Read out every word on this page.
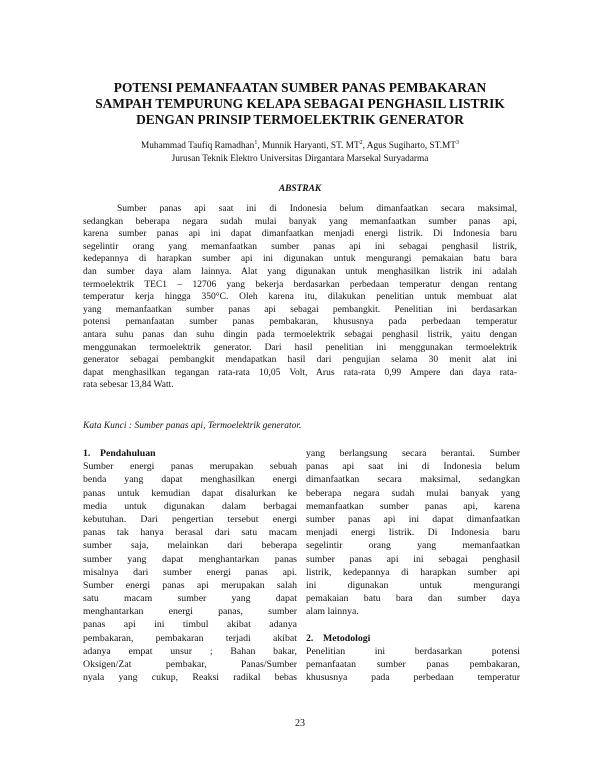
POTENSI PEMANFAATAN SUMBER PANAS PEMBAKARAN
SAMPAH TEMPURUNG KELAPA SEBAGAI PENGHASIL LISTRIK
DENGAN PRINSIP TERMOELEKTRIK GENERATOR
Muhammad Taufiq Ramadhan$^1$, Munnik Haryanti, ST. $MT^2$, Agus Sugiharto, $ST.MT^3$
Jurusan Teknik Elektro Universitas Dirgantara Marsekal Suryadarma
ABSTRAK
Sumber panas api saat ini di Indonesia belum dimanfaatkan secara maksimal,
sedangkan beberapa negara sudah mulai banyak yang memanfaatkan sumber panas api,
karena sumber panas api ini dapat dimanfaatkan menjadi energi listrik. Di Indonesia baru
segelintir orang yang memanfaatkan sumber panas api ini sebagai penghasil listrik,
kedepannya di harapkan sumber api ini digunakan untuk mengurangi pemakaian batu bara
dan sumber daya alam lainnya. Alat yang digunakan untuk menghasilkan listrik ini adalah
termoelektrik TEC1 – 12706 yang bekerja berdasarkan perbedaan temperatur dengan rentang
temperatur kerja hingga 350°C. Oleh karena itu, dilakukan penelitian untuk membuat alat
yang memanfaatkan sumber panas api sebagai pembangkit. Penelitian ini berdasarkan
potensi pemanfaatan sumber panas pembakaran, khususnya pada perbedaan temperatur
antara suhu panas dan suhu dingin pada termoelektrik sebagai penghasil listrik, yaitu dengan
menggunakan termoelektrik generator. Dari hasil penelitian ini menggunakan termoelektrik
generator sebagai pembangkit mendapatkan hasil dari pengujian selama 30 menit alat ini
dapat menghasilkan tegangan rata-rata 10,05 Volt, Arus rata-rata 0,99 Ampere dan daya rata-
rata sebesar 13,84 Watt.
Kata Kunci : Sumber panas api, Termoelektrik generator.
1. Pendahuluan
Sumber energi panas merupakan sebuah
benda yang dapat menghasilkan energi
panas untuk kemudian dapat disalurkan ke
media untuk digunakan dalam berbagai
kebutuhan. Dari pengertian tersebut energi
panas tak hanya berasal dari satu macam
sumber saja, melainkan dari beberapa
sumber yang dapat menghantarkan panas
misalnya dari sumber energi panas api.
Sumber energi panas api merupakan salah
satu macam sumber yang dapat
menghantarkan energi panas, sumber
panas api ini timbul akibat adanya
pembakaran, pembakaran terjadi akibat
adanya empat unsur ; Bahan bakar,
Oksigen/Zat pembakar, Panas/Sumber
nyala yang cukup, Reaksi radikal bebas
yang berlangsung secara berantai. Sumber
panas api saat ini di Indonesia belum
dimanfaatkan secara maksimal, sedangkan
beberapa negara sudah mulai banyak yang
memanfaatkan sumber panas api, karena
sumber panas api ini dapat dimanfaatkan
menjadi energi listrik. Di Indonesia baru
segelintir orang yang memanfaatkan
sumber panas api ini sebagai penghasil
listrik, kedepannya di harapkan sumber api
ini digunakan untuk mengurangi
pemakaian batu bara dan sumber daya
alam lainnya.
2. Metodologi
Penelitian ini berdasarkan potensi
pemanfaatan sumber panas pembakaran,
khususnya pada perbedaan temperatur
23
